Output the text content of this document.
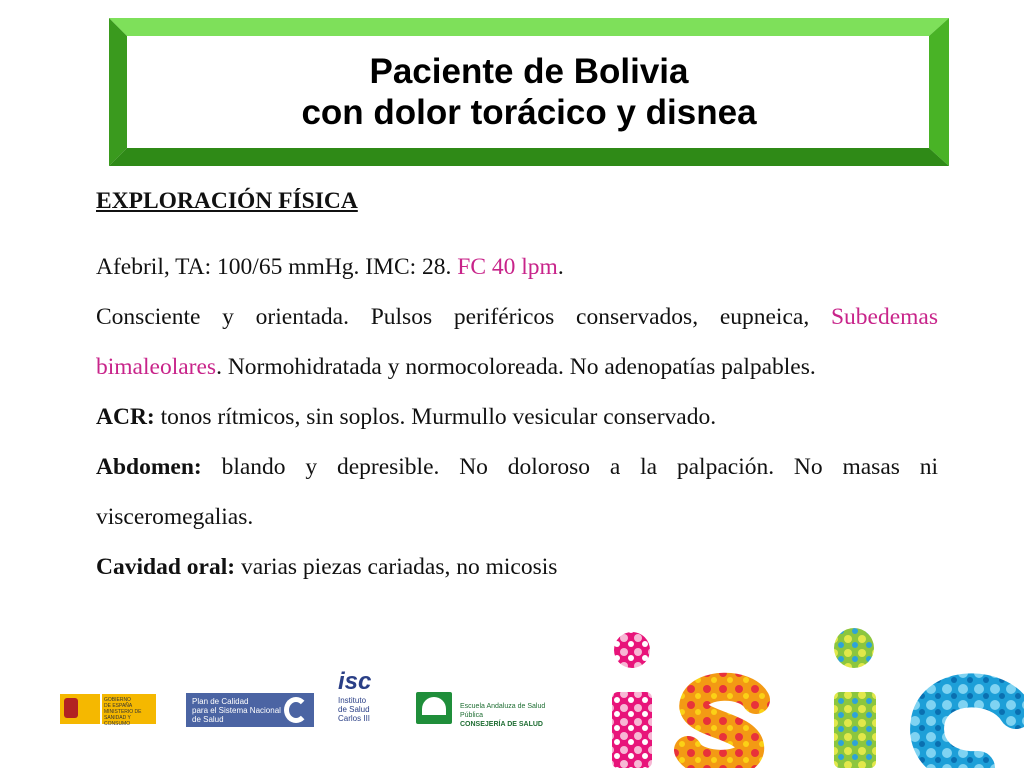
Paciente de Bolivia
con dolor torácico y disnea

EXPLORACIÓN FÍSICA

Afebril, TA: 100/65 mmHg. IMC: 28. FC 40 lpm.

Consciente y orientada. Pulsos periféricos conservados, eupneica, Subedemas bimaleolares. Normohidratada y normocoloreada. No adenopatías palpables.

ACR: tonos rítmicos, sin soplos. Murmullo vesicular conservado.

Abdomen: blando y depresible. No doloroso a la palpación. No masas ni visceromegalias.

Cavidad oral: varias piezas cariadas, no micosis

GOBIERNO
DE ESPAÑA
MINISTERIO DE SANIDAD Y CONSUMO
Plan de Calidad
para el Sistema Nacional
de Salud
isc
Instituto
de Salud
Carlos III
Escuela Andaluza de Salud Pública
CONSEJERÍA DE SALUD
